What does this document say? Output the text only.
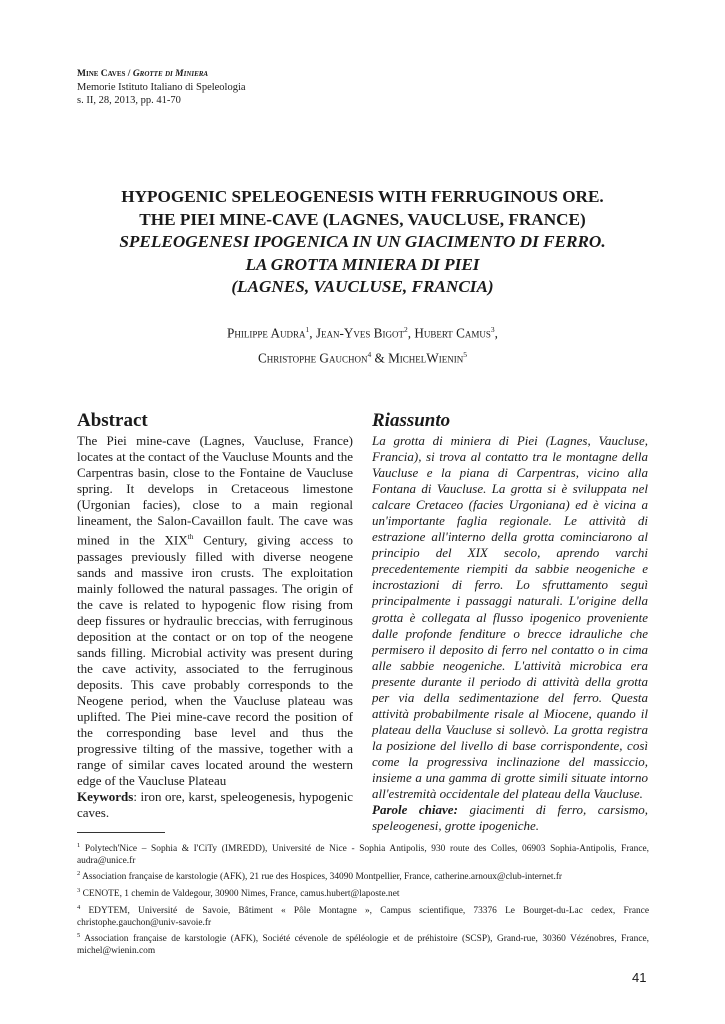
Mine Caves / Grotte di Miniera
Memorie Istituto Italiano di Speleologia
s. II, 28, 2013, pp. 41-70
HYPOGENIC SPELEOGENESIS WITH FERRUGINOUS ORE.
THE PIEI MINE-CAVE (LAGNES, VAUCLUSE, FRANCE)
SPELEOGENESI IPOGENICA IN UN GIACIMENTO DI FERRO.
LA GROTTA MINIERA DI PIEI
(LAGNES, VAUCLUSE, FRANCIA)
Philippe Audra$^1$, Jean-Yves Bigot$^2$, Hubert Camus$^3$,
Christophe Gauchon$^4$ & MichelWienin$^5$
Abstract

The Piei mine-cave (Lagnes, Vaucluse, France) locates at the contact of the Vaucluse Mounts and the Carpentras basin, close to the Fontaine de Vaucluse spring. It develops in Cretaceous limestone (Urgonian facies), close to a main regional lineament, the Salon-Cavaillon fault. The cave was mined in the XIXth Century, giving access to passages previously filled with diverse neogene sands and massive iron crusts. The exploitation mainly followed the natural passages. The origin of the cave is related to hypogenic flow rising from deep fissures or hydraulic breccias, with ferruginous deposition at the contact or on top of the neogene sands filling. Microbial activity was present during the cave activity, associated to the ferruginous deposits. This cave probably corresponds to the Neogene period, when the Vaucluse plateau was uplifted. The Piei mine-cave record the position of the corresponding base level and thus the progressive tilting of the massive, together with a range of similar caves located around the western edge of the Vaucluse Plateau

Keywords: iron ore, karst, speleogenesis, hypogenic caves.

Riassunto

La grotta di miniera di Piei (Lagnes, Vaucluse, Francia), si trova al contatto tra le montagne della Vaucluse e la piana di Carpentras, vicino alla Fontana di Vaucluse. La grotta si è sviluppata nel calcare Cretaceo (facies Urgoniana) ed è vicina a un'importante faglia regionale. Le attività di estrazione all'interno della grotta cominciarono al principio del XIX secolo, aprendo varchi precedentemente riempiti da sabbie neogeniche e incrostazioni di ferro. Lo sfruttamento seguì principalmente i passaggi naturali. L'origine della grotta è collegata al flusso ipogenico proveniente dalle profonde fenditure o brecce idrauliche che permisero il deposito di ferro nel contatto o in cima alle sabbie neogeniche. L'attività microbica era presente durante il periodo di attività della grotta per via della sedimentazione del ferro. Questa attività probabilmente risale al Miocene, quando il plateau della Vaucluse si sollevò. La grotta registra la posizione del livello di base corrispondente, così come la progressiva inclinazione del massiccio, insieme a una gamma di grotte simili situate intorno all'estremità occidentale del plateau della Vaucluse.

Parole chiave: giacimenti di ferro, carsismo, speleogenesi, grotte ipogeniche.

$^1$ Polytech'Nice – Sophia & I'CiTy (IMREDD), Université de Nice - Sophia Antipolis, 930 route des Colles, 06903 Sophia-Antipolis, France, audra@unice.fr

$^2$ Association française de karstologie (AFK), 21 rue des Hospices, 34090 Montpellier, France, catherine.arnoux@club-internet.fr

$^3$ CENOTE, 1 chemin de Valdegour, 30900 Nimes, France, camus.hubert@laposte.net

$^4$ EDYTEM, Université de Savoie, Bâtiment « Pôle Montagne », Campus scientifique, 73376 Le Bourget-du-Lac cedex, France christophe.gauchon@univ-savoie.fr

$^5$ Association française de karstologie (AFK), Société cévenole de spéléologie et de préhistoire (SCSP), Grand-rue, 30360 Vézénobres, France, michel@wienin.com

41
